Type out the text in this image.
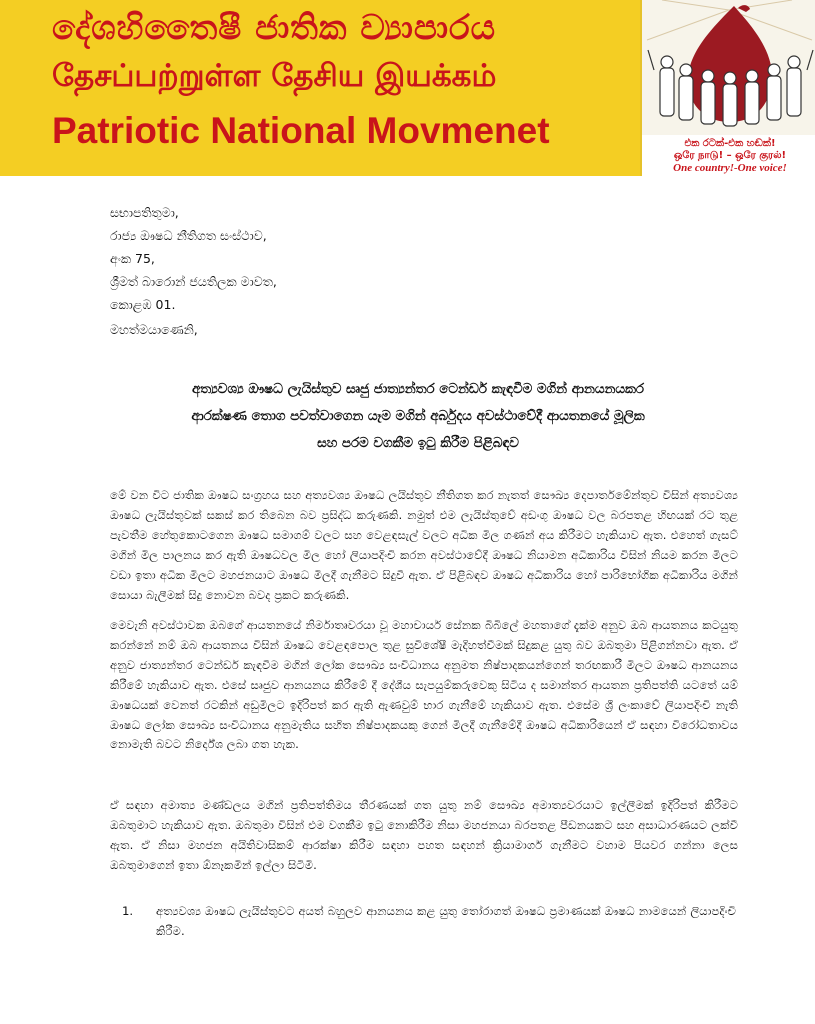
දේශහිතෛෂී ජාතික ව්‍යාපාරය
தேசப்பற்றுள்ள தேசிய இயக்கம்
Patriotic National Movmenet	එක රටක්-එක හඬක්!
ஒரே நாடு! – ஒரே குரல்!
One country!-One voice!
සභාපතිතුමා,
රාජ්‍ය ඖෂධ නීතිගත සංස්ථාව,
අංක 75,
ශ්‍රීමත් බාරොන් ජයතිලක මාවත,
කොළඹ 01.
මහත්මයාණෙනි,
අත්‍යවශ්‍ය ඖෂධ ලැයිස්තුව සෘජු ජාත්‍යන්තර ටෙන්ඩර් කැඳවීම මගින් ආනයනයකර
ආරක්ෂණ තොග පවත්වාගෙන යෑම මගින් අර්බුදය අවස්ථාවේදී ආයතනයේ මූලික
සහ පරම වගකීම ඉටු කිරීම පිළිබඳව
මේ වන විට ජාතික ඖෂධ සංග්‍රහය සහ අත්‍යවශ්‍ය ඖෂධ ලයිස්තුව නීතිගත කර නැතත් සෞඛ්‍ය දෙපාර්තමේන්තුව විසින් අත්‍යවශ්‍ය ඖෂධ ලැයිස්තුවක් සකස් කර තිබෙන බව ප්‍රසිද්ධ කරුණකි. නමුත් එම ලැයිස්තුවේ අඩංගු ඖෂධ වල බරපතළ හිඟයක් රට තුළ පැවතීම හේතුකොටගෙන ඖෂධ සමාගම් වලට සහ වෙළඳසැල් වලට අධික මිල ගණන් අය කිරීමට හැකියාව ඇත. එහෙත් ගැසට් මගින් මිල පාලනය කර ඇති ඖෂධවල මිල හෝ ලියාපදිංචි කරන අවස්ථාවේදී ඖෂධ නියාමන අධිකාරිය විසින් නියම කරන මිලට වඩා ඉතා අධික මිලට මහජනයාට ඖෂධ මිලදී ගැනීමට සිදුවී ඇත. ඒ පිළිබඳව ඖෂධ අධිකාරිය හෝ පාරිභෝගික අධිකාරිය මගින් සොයා බැලීමක් සිදු නොවන බවද ප්‍රකට කරුණකි.
මෙවැනි අවස්ථාවක ඔබගේ ආයතනයේ නිර්මාතෘවරයා වූ මහාචාර්ය සේනක බිබිලේ මහතාගේ දැක්ම අනුව ඔබ ආයතනය කටයුතු කරන්නේ නම් ඔබ ආයතනය විසින් ඖෂධ වෙළඳපොල තුළ සුවිශේෂී මැදිහත්වීමක් සිදුකළ යුතු බව ඔබතුමා පිළිගන්නවා ඇත. ඒ අනුව ජාත්‍යන්තර ටෙන්ඩර් කැඳවීම මගින් ලෝක සෞඛ්‍ය සංවිධානය අනුමත නිෂ්පාදකයන්ගෙන් තරඟකාරී මිලට ඖෂධ ආනයනය කිරීමේ හැකියාව ඇත. එසේ සෘජුව ආනයනය කිරීමේ දී දේශීය සැපයුම්කරුවෙකු සිටිය ද සමාන්තර ආයතන ප්‍රතිපත්ති යටතේ යම් ඖෂධයක් වෙනත් රටකින් අඩුමිලට ඉදිරිපත් කර ඇති ඇණවුම් භාර ගැනීමේ හැකියාව ඇත. එසේම ශ්‍රී ලංකාවේ ලියාපදිංචි නැති ඖෂධ ලෝක සෞඛ්‍ය සංවිධානය අනුමැතිය සහිත නිෂ්පාදකයකු ගෙන් මිලදී ගැනීමේදී ඖෂධ අධිකාරියෙන් ඒ සඳහා විරෝධතාවය නොමැති බවට නිර්දේශ ලබා ගත හැක.
ඒ සඳහා අමාත්‍ය මණ්ඩලය මගින් ප්‍රතිපත්තිමය තීරණයක් ගත යුතු නම් සෞඛ්‍ය අමාත්‍යවරයාට ඉල්ලීමක් ඉදිරිපත් කිරීමට ඔබතුමාට හැකියාව ඇත. ඔබතුමා විසින් එම වගකීම ඉටු නොකිරීම නිසා මහජනයා බරපතළ පීඩනයකට සහ අසාධාරණයට ලක්වී ඇත. ඒ නිසා මහජන අයිතිවාසිකම් ආරක්ෂා කිරීම සඳහා පහත සඳහන් ක්‍රියාමාර්ග ගැනීමට වහාම පියවර ගන්නා ලෙස ඔබතුමාගෙන් ඉතා ඕනෑකමින් ඉල්ලා සිටිමි.
1.	අත්‍යවශ්‍ය ඖෂධ ලැයිස්තුවට අයත් බහුලව ආනයනය කළ යුතු තෝරාගත් ඖෂධ ප්‍රමාණයක් ඖෂධ නාමයෙන් ලියාපදිංචි කිරීම.
